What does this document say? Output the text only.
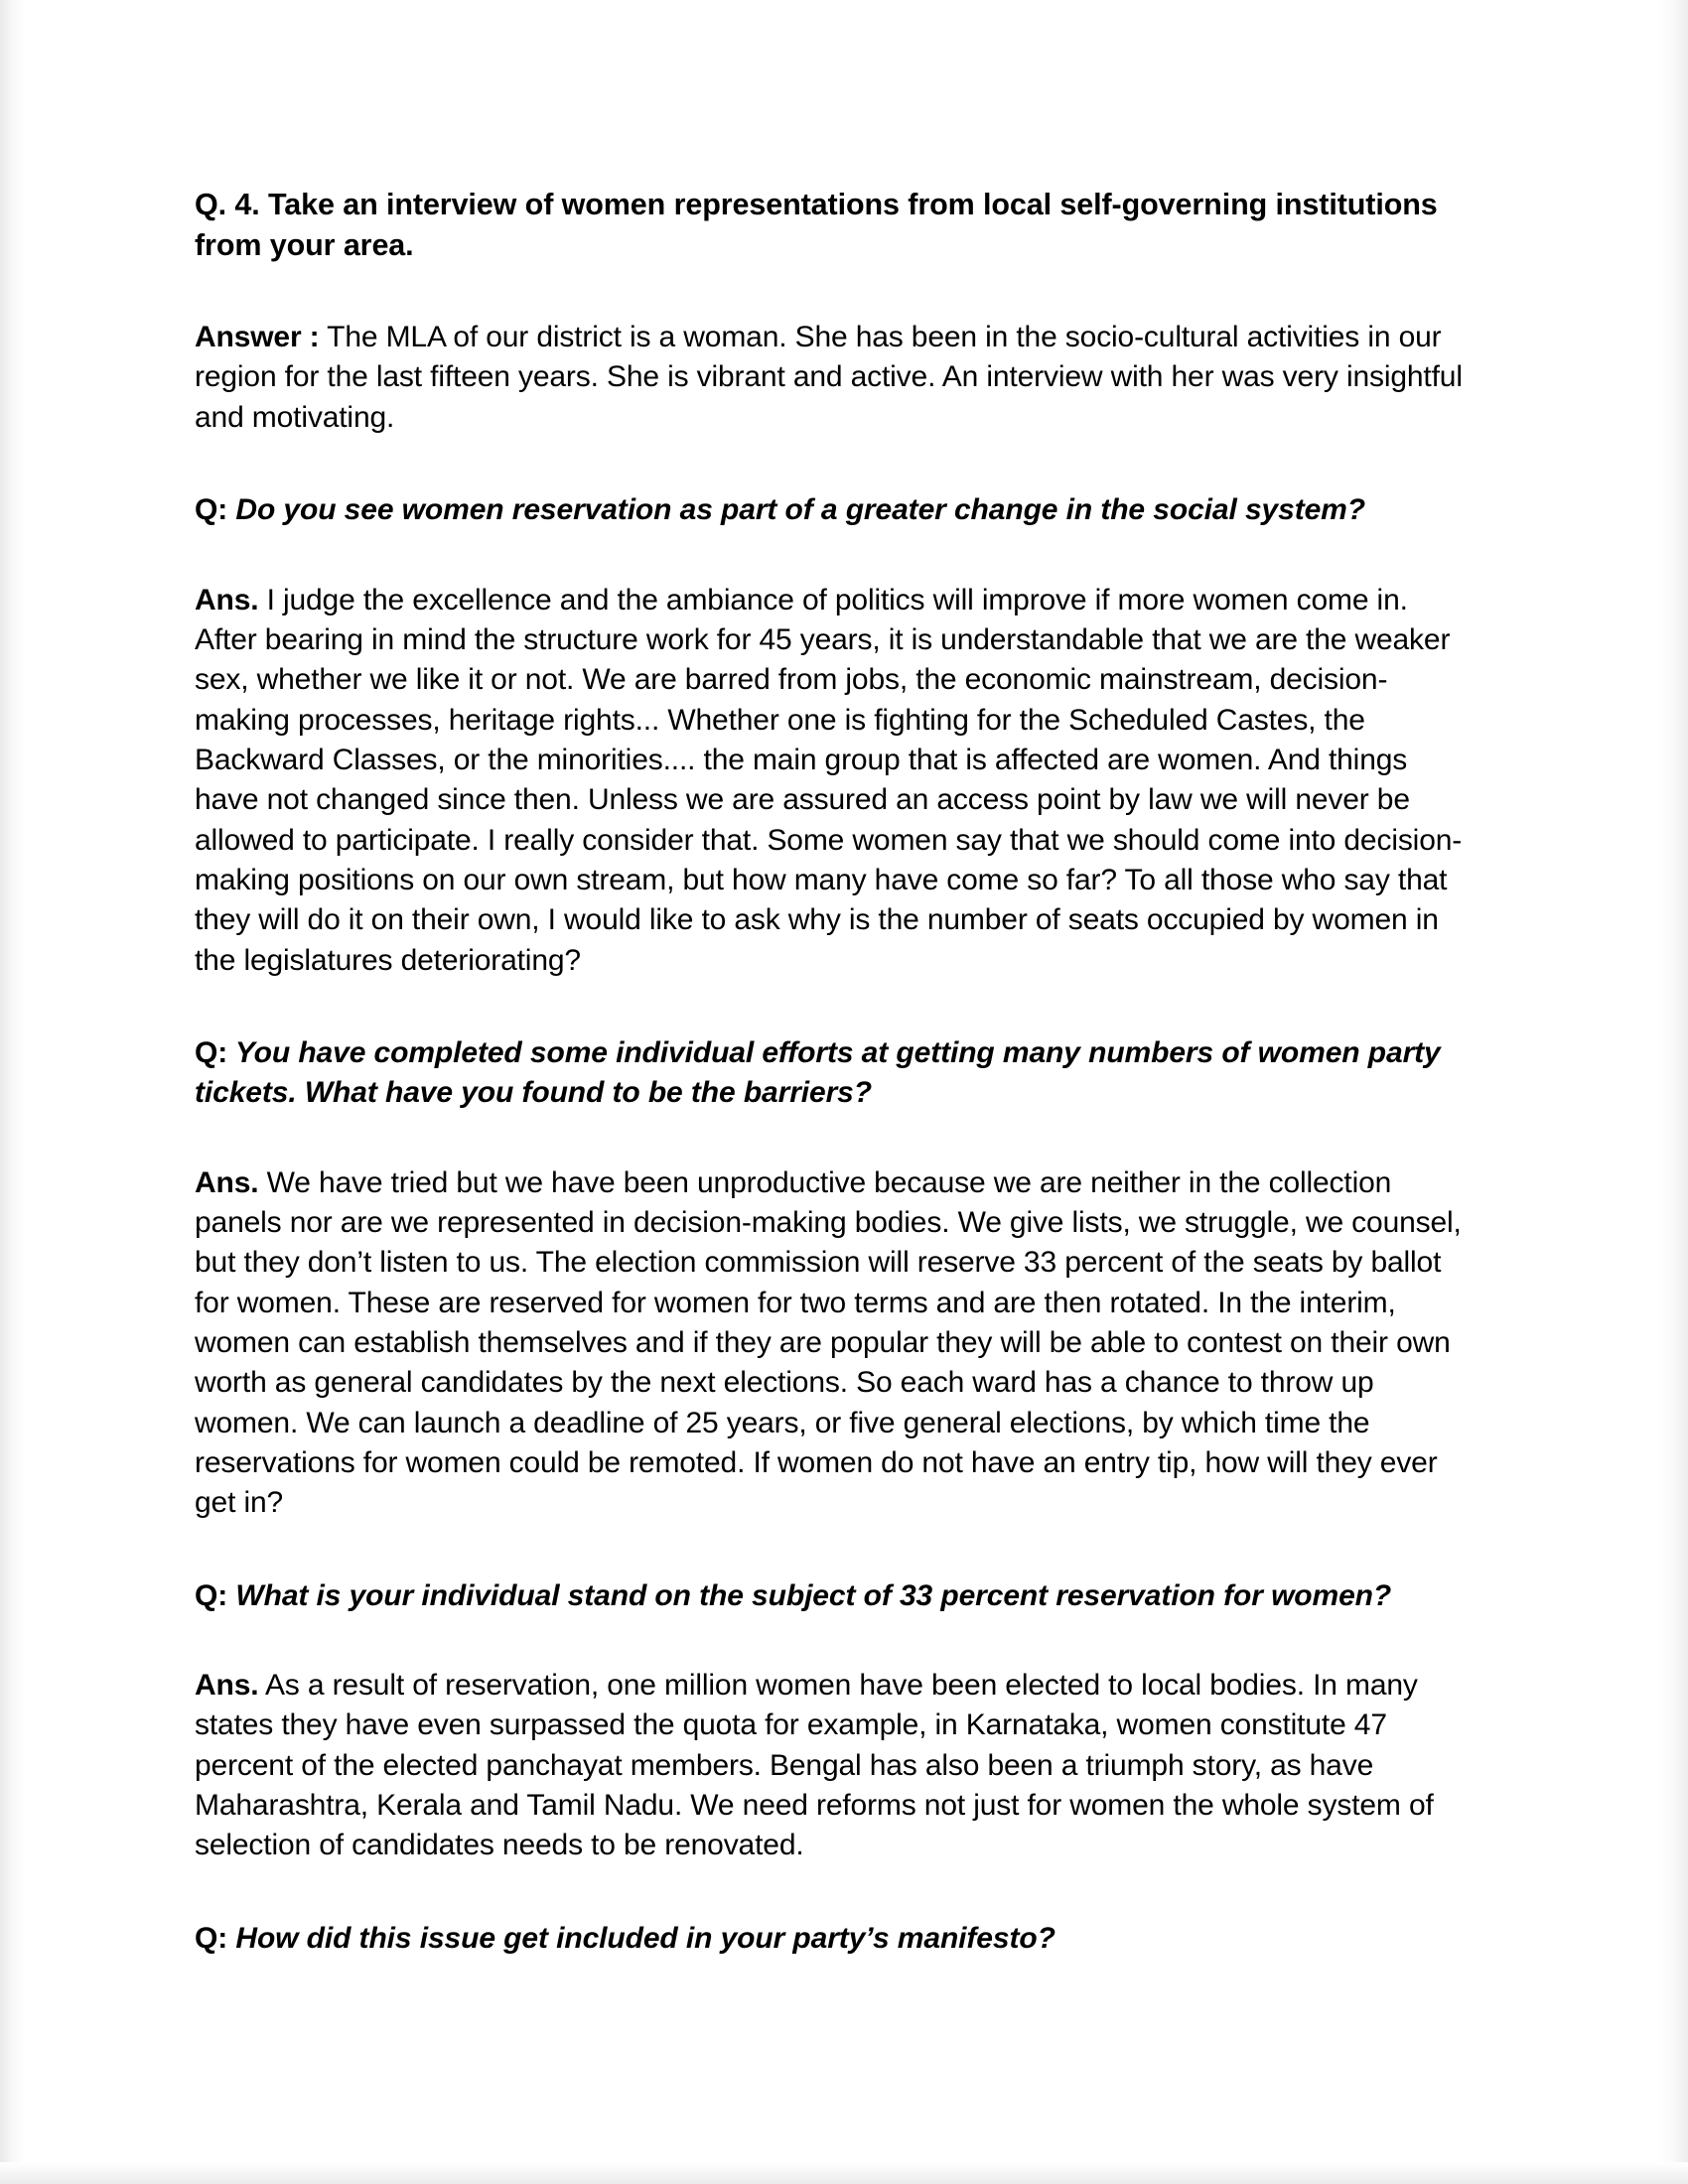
Q. 4. Take an interview of women representations from local self-governing institutions from your area.

Answer : The MLA of our district is a woman. She has been in the socio-cultural activities in our region for the last fifteen years. She is vibrant and active. An interview with her was very insightful and motivating.

Q: Do you see women reservation as part of a greater change in the social system?

Ans. I judge the excellence and the ambiance of politics will improve if more women come in. After bearing in mind the structure work for 45 years, it is understandable that we are the weaker sex, whether we like it or not. We are barred from jobs, the economic mainstream, decision-making processes, heritage rights... Whether one is fighting for the Scheduled Castes, the Backward Classes, or the minorities.... the main group that is affected are women. And things have not changed since then. Unless we are assured an access point by law we will never be allowed to participate. I really consider that. Some women say that we should come into decision-making positions on our own stream, but how many have come so far? To all those who say that they will do it on their own, I would like to ask why is the number of seats occupied by women in the legislatures deteriorating?

Q: You have completed some individual efforts at getting many numbers of women party tickets. What have you found to be the barriers?

Ans. We have tried but we have been unproductive because we are neither in the collection panels nor are we represented in decision-making bodies. We give lists, we struggle, we counsel, but they don’t listen to us. The election commission will reserve 33 percent of the seats by ballot for women. These are reserved for women for two terms and are then rotated. In the interim, women can establish themselves and if they are popular they will be able to contest on their own worth as general candidates by the next elections. So each ward has a chance to throw up women. We can launch a deadline of 25 years, or five general elections, by which time the reservations for women could be remoted. If women do not have an entry tip, how will they ever get in?

Q: What is your individual stand on the subject of 33 percent reservation for women?

Ans. As a result of reservation, one million women have been elected to local bodies. In many states they have even surpassed the quota for example, in Karnataka, women constitute 47 percent of the elected panchayat members. Bengal has also been a triumph story, as have Maharashtra, Kerala and Tamil Nadu. We need reforms not just for women the whole system of selection of candidates needs to be renovated.

Q: How did this issue get included in your party’s manifesto?
